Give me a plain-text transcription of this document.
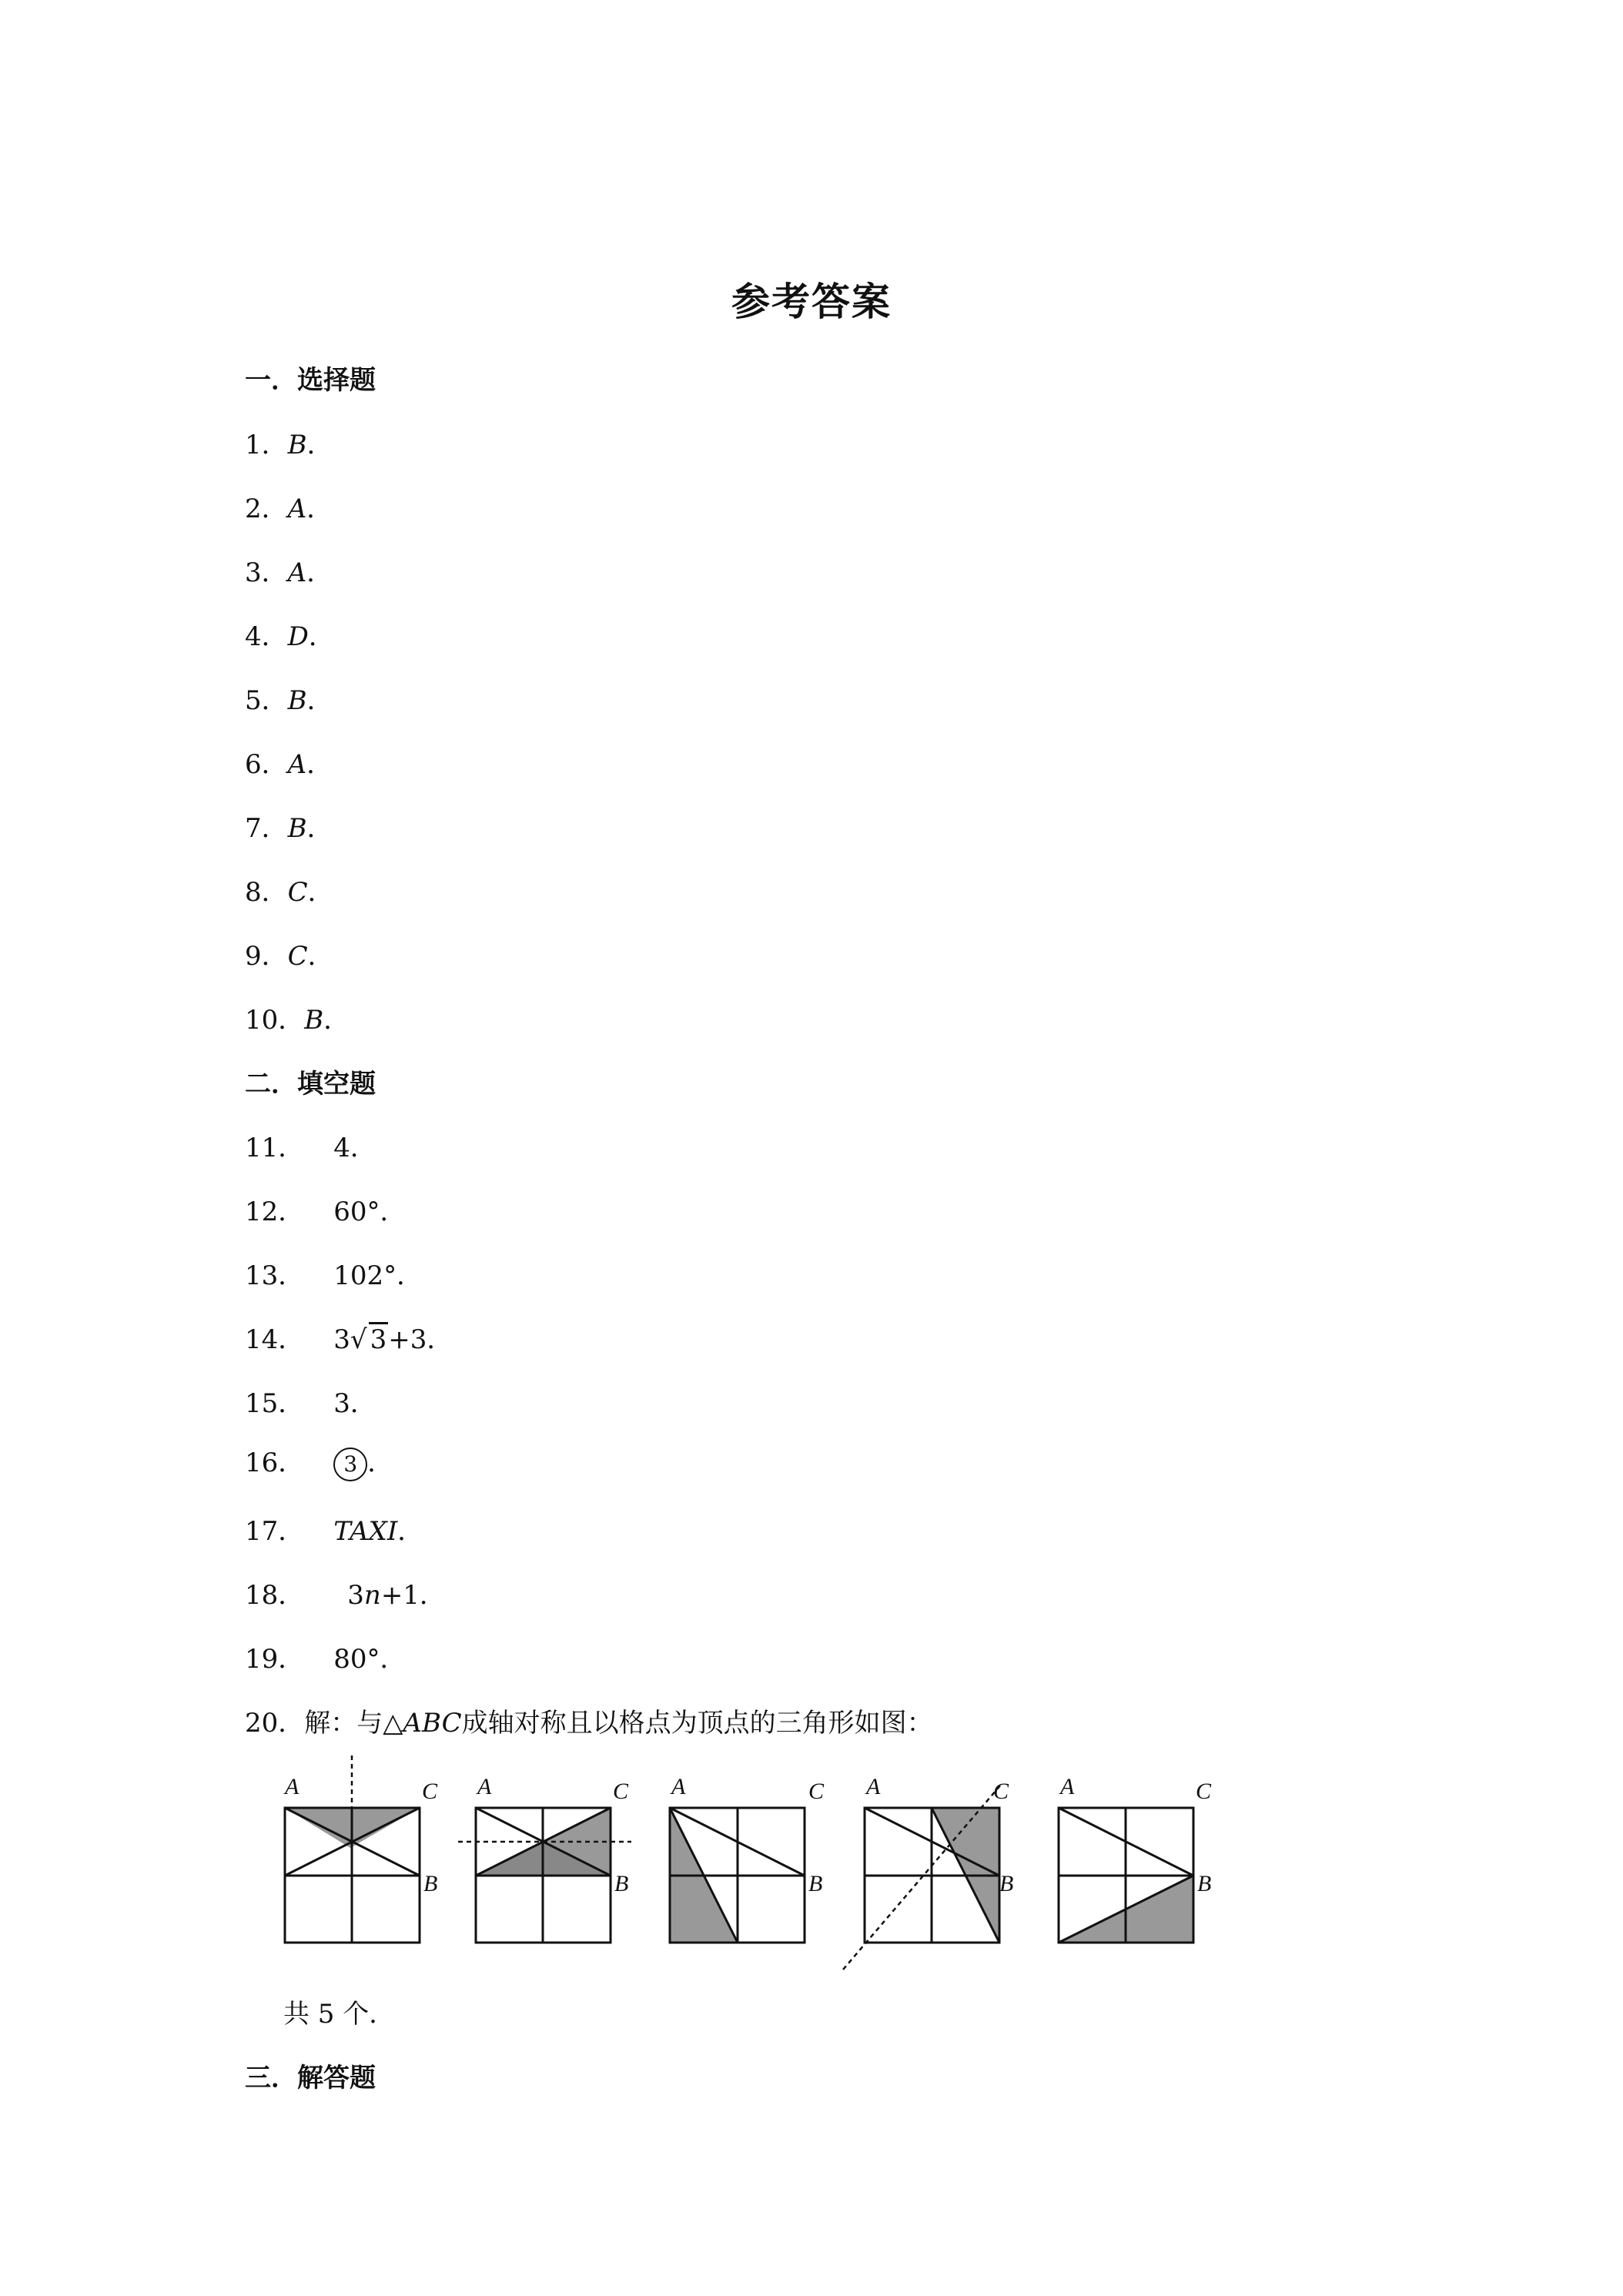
参考答案
一．选择题
1．B．
2．A．
3．A．
4．D．
5．B．
6．A．
7．B．
8．C．
9．C．
10．B．
二．填空题
11． 4．
12． 60°．
13． 102°．
14． 3√ 3+3．
15． 3．
16． 3 ．
17． TAXI．
18． 3n+1．
19． 80°．
20．解：与△ABC成轴对称且以格点为顶点的三角形如图：
A	C
B
A	C
B
A	C
B
A	C
B
A	C
B
共 5 个．
三．解答题
